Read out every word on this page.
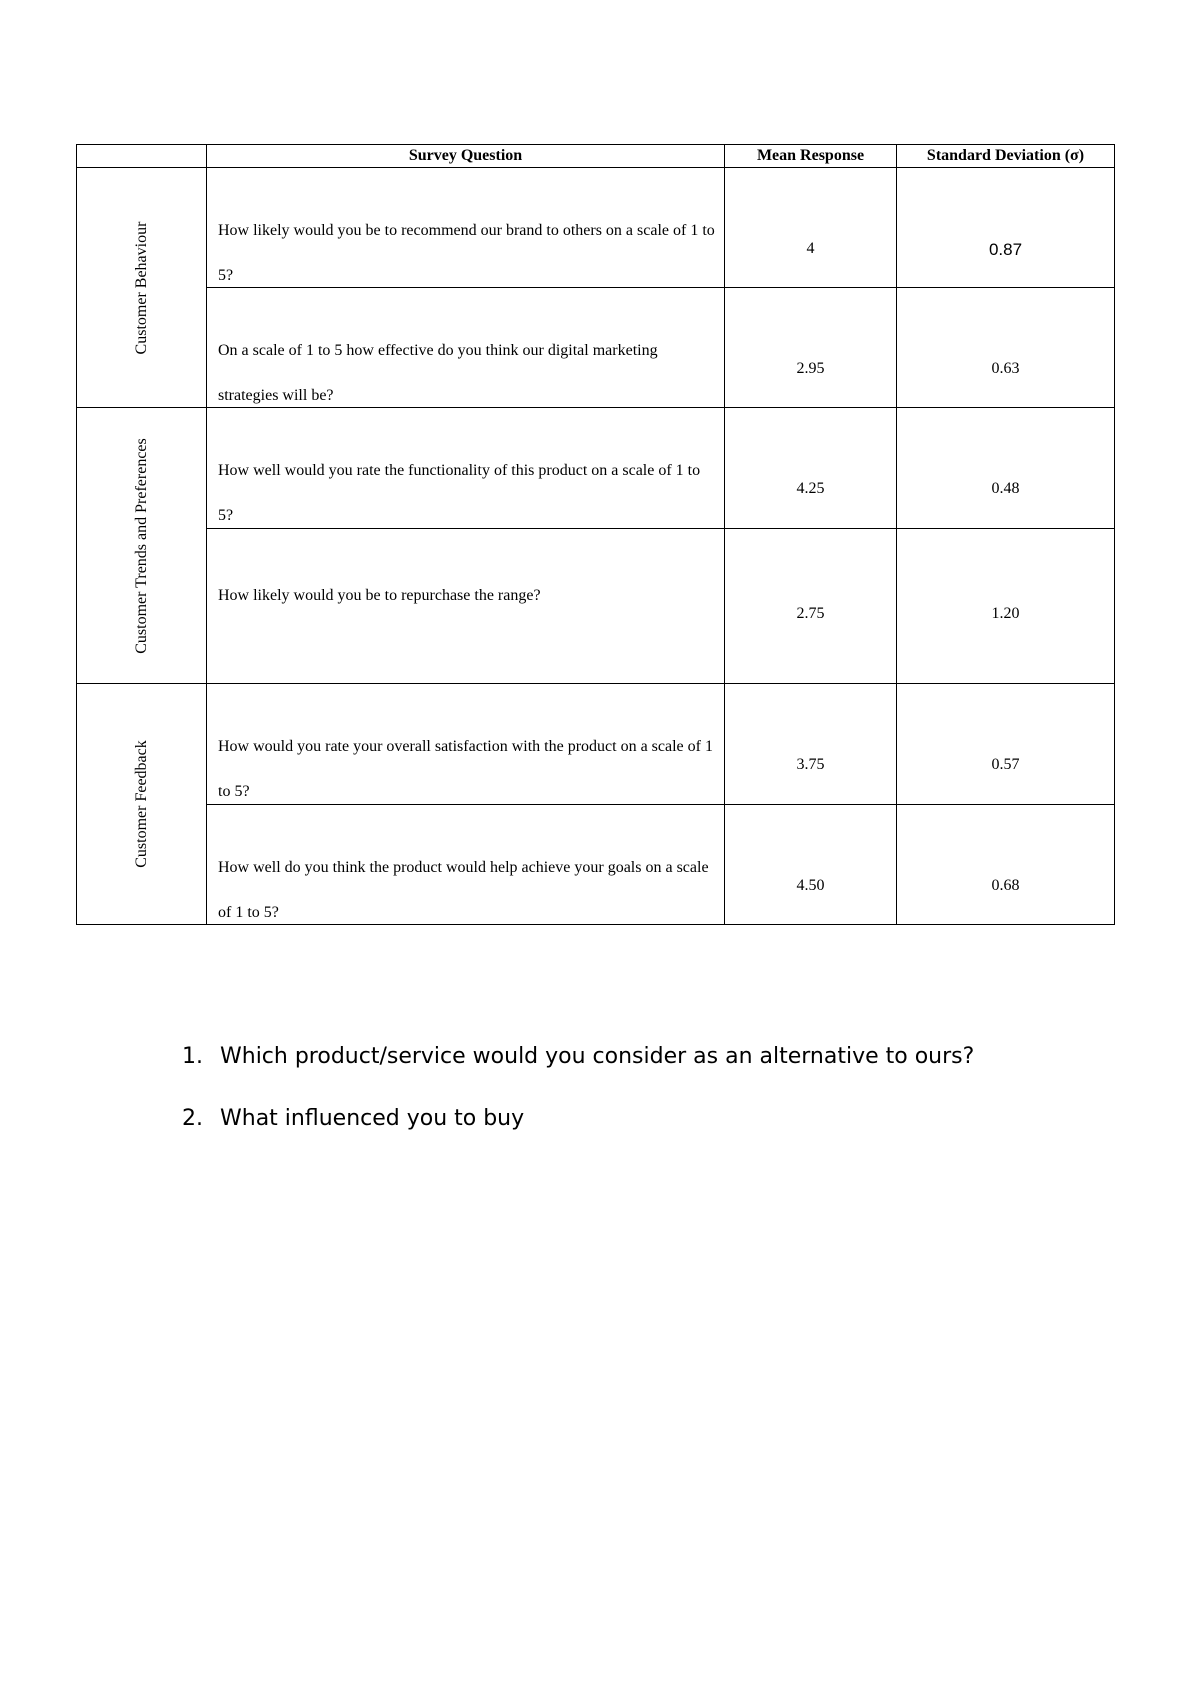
	Survey Question	Mean Response	Standard Deviation (σ)

Customer Behaviour	How likely would you be to recommend our brand to others on a scale of 1 to 5?	4	0.87

	On a scale of 1 to 5 how effective do you think our digital marketing strategies will be?	2.95	0.63

Customer Trends and Preferences	How well would you rate the functionality of this product on a scale of 1 to 5?	4.25	0.48

	How likely would you be to repurchase the range?	2.75	1.20

Customer Feedback	How would you rate your overall satisfaction with the product on a scale of 1 to 5?	3.75	0.57

	How well do you think the product would help achieve your goals on a scale of 1 to 5?	4.50	0.68
1. Which product/service would you consider as an alternative to ours?
2. What influenced you to buy
